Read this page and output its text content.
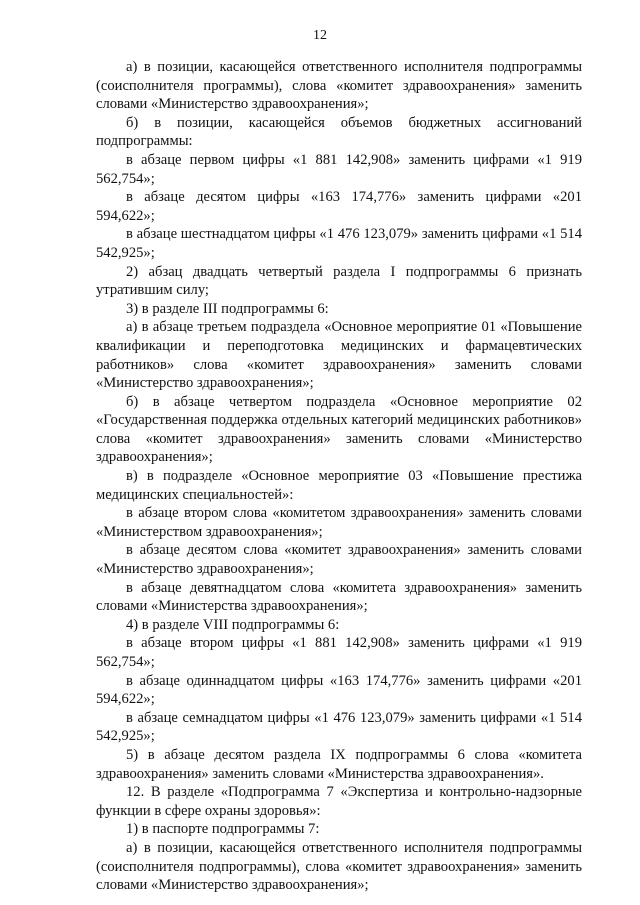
12

а) в позиции, касающейся ответственного исполнителя подпрограммы (соисполнителя программы), слова «комитет здравоохранения» заменить словами «Министерство здравоохранения»;

б) в позиции, касающейся объемов бюджетных ассигнований подпрограммы:

в абзаце первом цифры «1 881 142,908» заменить цифрами «1 919 562,754»;

в абзаце десятом цифры «163 174,776» заменить цифрами «201 594,622»;

в абзаце шестнадцатом цифры «1 476 123,079» заменить цифрами «1 514 542,925»;

2) абзац двадцать четвертый раздела I подпрограммы 6 признать утратившим силу;

3) в разделе III подпрограммы 6:

а) в абзаце третьем подраздела «Основное мероприятие 01 «Повышение квалификации и переподготовка медицинских и фармацевтических работников» слова «комитет здравоохранения» заменить словами «Министерство здравоохранения»;

б) в абзаце четвертом подраздела «Основное мероприятие 02 «Государственная поддержка отдельных категорий медицинских работников» слова «комитет здравоохранения» заменить словами «Министерство здравоохранения»;

в) в подразделе «Основное мероприятие 03 «Повышение престижа медицинских специальностей»:

в абзаце втором слова «комитетом здравоохранения» заменить словами «Министерством здравоохранения»;

в абзаце десятом слова «комитет здравоохранения» заменить словами «Министерство здравоохранения»;

в абзаце девятнадцатом слова «комитета здравоохранения» заменить словами «Министерства здравоохранения»;

4) в разделе VIII подпрограммы 6:

в абзаце втором цифры «1 881 142,908» заменить цифрами «1 919 562,754»;

в абзаце одиннадцатом цифры «163 174,776» заменить цифрами «201 594,622»;

в абзаце семнадцатом цифры «1 476 123,079» заменить цифрами «1 514 542,925»;

5) в абзаце десятом раздела IX подпрограммы 6 слова «комитета здравоохранения» заменить словами «Министерства здравоохранения».

12. В разделе «Подпрограмма 7 «Экспертиза и контрольно-надзорные функции в сфере охраны здоровья»:

1) в паспорте подпрограммы 7:

а) в позиции, касающейся ответственного исполнителя подпрограммы (соисполнителя подпрограммы), слова «комитет здравоохранения» заменить словами «Министерство здравоохранения»;
